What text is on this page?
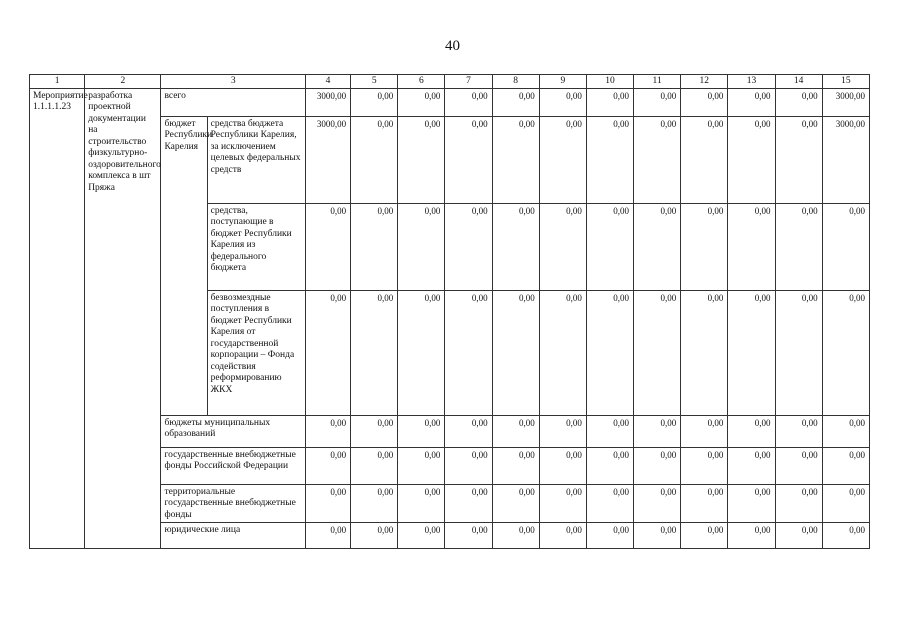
40
1	2	3		4	5	6	7	8	9	10	11	12	13	14	15
Мероприятие 1.1.1.1.23	разработка проектной документации на строительство физкультурно-оздоровительного комплекса в шт Пряжа	всего		3000,00	0,00	0,00	0,00	0,00	0,00	0,00	0,00	0,00	0,00	0,00	3000,00
		бюджет Республики Карелия	средства бюджета Республики Карелия, за исключением целевых федеральных средств	3000,00	0,00	0,00	0,00	0,00	0,00	0,00	0,00	0,00	0,00	0,00	3000,00
			средства, поступающие в бюджет Республики Карелия из федерального бюджета	0,00	0,00	0,00	0,00	0,00	0,00	0,00	0,00	0,00	0,00	0,00	0,00
			безвозмездные поступления в бюджет Республики Карелия от государственной корпорации – Фонда содействия реформированию ЖКХ	0,00	0,00	0,00	0,00	0,00	0,00	0,00	0,00	0,00	0,00	0,00	0,00
		бюджеты муниципальных образований		0,00	0,00	0,00	0,00	0,00	0,00	0,00	0,00	0,00	0,00	0,00	0,00
		государственные внебюджетные фонды Российской Федерации		0,00	0,00	0,00	0,00	0,00	0,00	0,00	0,00	0,00	0,00	0,00	0,00
		территориальные государственные внебюджетные фонды		0,00	0,00	0,00	0,00	0,00	0,00	0,00	0,00	0,00	0,00	0,00	0,00
		юридические лица		0,00	0,00	0,00	0,00	0,00	0,00	0,00	0,00	0,00	0,00	0,00	0,00
